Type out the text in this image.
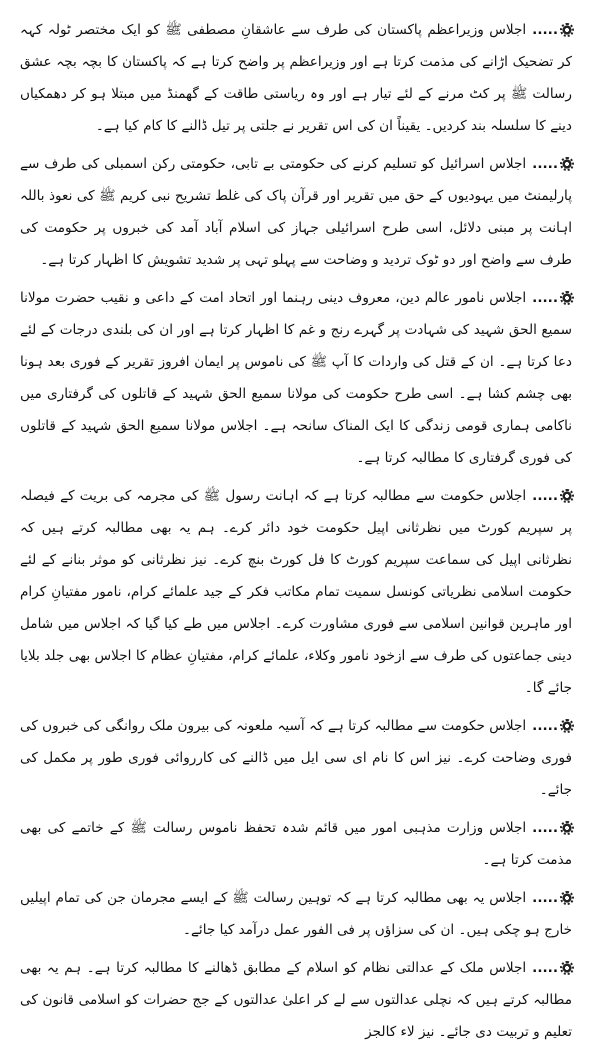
.....اجلاس وزیراعظم پاکستان کی طرف سے عاشقانِ مصطفی ﷺ کو ایک مختصر ٹولہ کہہ کر تضحیک اڑانے کی مذمت کرتا ہے اور وزیراعظم پر واضح کرتا ہے کہ پاکستان کا بچہ بچہ عشق رسالت ﷺ پر کٹ مرنے کے لئے تیار ہے اور وہ ریاستی طاقت کے گھمنڈ میں مبتلا ہو کر دھمکیاں دینے کا سلسلہ بند کردیں۔ یقیناً ان کی اس تقریر نے جلتی پر تیل ڈالنے کا کام کیا ہے۔

.....اجلاس اسرائیل کو تسلیم کرنے کی حکومتی بے تابی، حکومتی رکن اسمبلی کی طرف سے پارلیمنٹ میں یہودیوں کے حق میں تقریر اور قرآن پاک کی غلط تشریح نبی کریم ﷺ کی نعوذ باللہ اہانت پر مبنی دلائل، اسی طرح اسرائیلی جہاز کی اسلام آباد آمد کی خبروں پر حکومت کی طرف سے واضح اور دو ٹوک تردید و وضاحت سے پہلو تہی پر شدید تشویش کا اظہار کرتا ہے۔

.....اجلاس نامور عالم دین، معروف دینی رہنما اور اتحاد امت کے داعی و نقیب حضرت مولانا سمیع الحق شہید کی شہادت پر گہرے رنج و غم کا اظہار کرتا ہے اور ان کی بلندی درجات کے لئے دعا کرتا ہے۔ ان کے قتل کی واردات کا آپ ﷺ کی ناموس پر ایمان افروز تقریر کے فوری بعد ہونا بھی چشم کشا ہے۔ اسی طرح حکومت کی مولانا سمیع الحق شہید کے قاتلوں کی گرفتاری میں ناکامی ہماری قومی زندگی کا ایک المناک سانحہ ہے۔ اجلاس مولانا سمیع الحق شہید کے قاتلوں کی فوری گرفتاری کا مطالبہ کرتا ہے۔

.....اجلاس حکومت سے مطالبہ کرتا ہے کہ اہانت رسول ﷺ کی مجرمہ کی بریت کے فیصلہ پر سپریم کورٹ میں نظرثانی اپیل حکومت خود دائر کرے۔ ہم یہ بھی مطالبہ کرتے ہیں کہ نظرثانی اپیل کی سماعت سپریم کورٹ کا فل کورٹ بنچ کرے۔ نیز نظرثانی کو موثر بنانے کے لئے حکومت اسلامی نظریاتی کونسل سمیت تمام مکاتب فکر کے جید علمائے کرام، نامور مفتیانِ کرام اور ماہرین قوانین اسلامی سے فوری مشاورت کرے۔ اجلاس میں طے کیا گیا کہ اجلاس میں شامل دینی جماعتوں کی طرف سے ازخود نامور وکلاء، علمائے کرام، مفتیانِ عظام کا اجلاس بھی جلد بلایا جائے گا۔

.....اجلاس حکومت سے مطالبہ کرتا ہے کہ آسیہ ملعونہ کی بیرون ملک روانگی کی خبروں کی فوری وضاحت کرے۔ نیز اس کا نام ای سی ایل میں ڈالنے کی کارروائی فوری طور پر مکمل کی جائے۔

.....اجلاس وزارت مذہبی امور میں قائم شدہ تحفظ ناموس رسالت ﷺ کے خاتمے کی بھی مذمت کرتا ہے۔

.....اجلاس یہ بھی مطالبہ کرتا ہے کہ توہین رسالت ﷺ کے ایسے مجرمان جن کی تمام اپیلیں خارج ہو چکی ہیں۔ ان کی سزاؤں پر فی الفور عمل درآمد کیا جائے۔

.....اجلاس ملک کے عدالتی نظام کو اسلام کے مطابق ڈھالنے کا مطالبہ کرتا ہے۔ ہم یہ بھی مطالبہ کرتے ہیں کہ نچلی عدالتوں سے لے کر اعلیٰ عدالتوں کے جج حضرات کو اسلامی قانون کی تعلیم و تربیت دی جائے۔ نیز لاء کالجز
